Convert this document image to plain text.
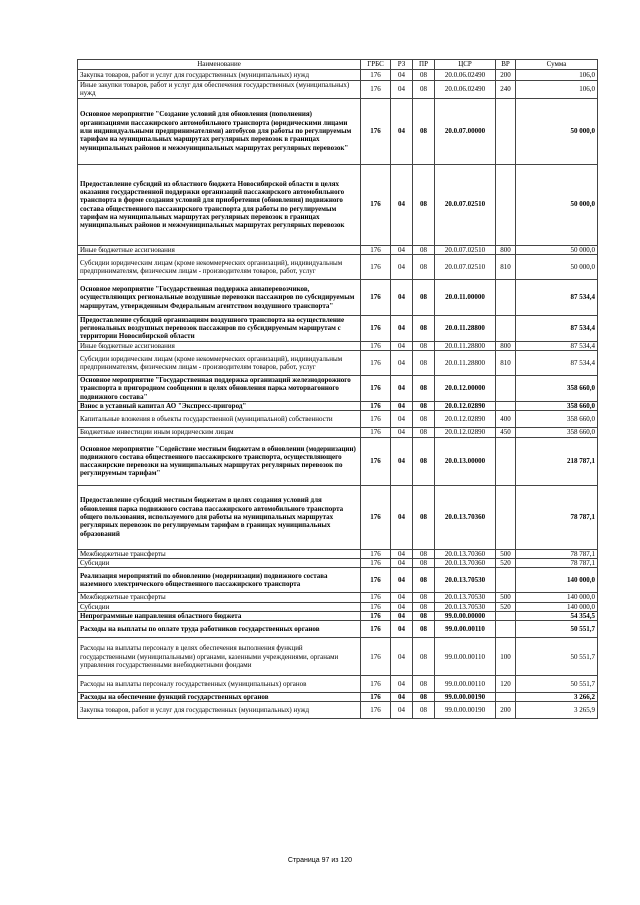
Наименование	ГРБС	РЗ	ПР	ЦСР	ВР	Сумма
Закупка товаров, работ и услуг для государственных (муниципальных) нужд	176	04	08	20.0.06.02490	200	106,0
Иные закупки товаров, работ и услуг для обеспечения государственных (муниципальных) нужд	176	04	08	20.0.06.02490	240	106,0
Основное мероприятие "Создание условий для обновления (пополнения) организациями пассажирского автомобильного транспорта (юридическими лицами или индивидуальными предпринимателями) автобусов для работы по регулируемым тарифам на муниципальных маршрутах регулярных перевозок в границах муниципальных районов и межмуниципальных маршрутах регулярных перевозок"	176	04	08	20.0.07.00000		50 000,0
Предоставление субсидий из областного бюджета Новосибирской области в целях оказания государственной поддержки организаций пассажирского автомобильного транспорта в форме создания условий для приобретения (обновления) подвижного состава общественного пассажирского транспорта для работы по регулируемым тарифам на муниципальных маршрутах регулярных перевозок в границах муниципальных районов и межмуниципальных маршрутах регулярных перевозок	176	04	08	20.0.07.02510		50 000,0
Иные бюджетные ассигнования	176	04	08	20.0.07.02510	800	50 000,0
Субсидии юридическим лицам (кроме некоммерческих организаций), индивидуальным предпринимателям, физическим лицам - производителям товаров, работ, услуг	176	04	08	20.0.07.02510	810	50 000,0
Основное мероприятие "Государственная поддержка авиаперевозчиков, осуществляющих региональные воздушные перевозки пассажиров по субсидируемым маршрутам, утвержденным Федеральным агентством воздушного транспорта"	176	04	08	20.0.11.00000		87 534,4
Предоставление субсидий организациям воздушного транспорта на осуществление региональных воздушных перевозок пассажиров по субсидируемым маршрутам с территории Новосибирской области	176	04	08	20.0.11.28800		87 534,4
Иные бюджетные ассигнования	176	04	08	20.0.11.28800	800	87 534,4
Субсидии юридическим лицам (кроме некоммерческих организаций), индивидуальным предпринимателям, физическим лицам - производителям товаров, работ, услуг	176	04	08	20.0.11.28800	810	87 534,4
Основное мероприятие "Государственная поддержка организаций железнодорожного транспорта в пригородном сообщении в целях обновления парка моторвагонного подвижного состава"	176	04	08	20.0.12.00000		358 660,0
Взнос в уставный капитал АО "Экспресс-пригород"	176	04	08	20.0.12.02890		358 660,0
Капитальные вложения в объекты государственной (муниципальной) собственности	176	04	08	20.0.12.02890	400	358 660,0
Бюджетные инвестиции иным юридическим лицам	176	04	08	20.0.12.02890	450	358 660,0
Основное мероприятие "Содействие местным бюджетам в обновлении (модернизации) подвижного состава общественного пассажирского транспорта, осуществляющего пассажирские перевозки на муниципальных маршрутах регулярных перевозок по регулируемым тарифам"	176	04	08	20.0.13.00000		218 787,1
Предоставление субсидий местным бюджетам в целях создания условий для обновления парка подвижного состава пассажирского автомобильного транспорта общего пользования, используемого для работы на муниципальных маршрутах регулярных перевозок по регулируемым тарифам в границах муниципальных образований	176	04	08	20.0.13.70360		78 787,1
Межбюджетные трансферты	176	04	08	20.0.13.70360	500	78 787,1
Субсидии	176	04	08	20.0.13.70360	520	78 787,1
Реализация мероприятий по обновлению (модернизации) подвижного состава наземного электрического общественного пассажирского транспорта	176	04	08	20.0.13.70530		140 000,0
Межбюджетные трансферты	176	04	08	20.0.13.70530	500	140 000,0
Субсидии	176	04	08	20.0.13.70530	520	140 000,0
Непрограммные направления областного бюджета	176	04	08	99.0.00.00000		54 354,5
Расходы на выплаты по оплате труда работников государственных органов	176	04	08	99.0.00.00110		50 551,7
Расходы на выплаты персоналу в целях обеспечения выполнения функций государственными (муниципальными) органами, казенными учреждениями, органами управления государственными внебюджетными фондами	176	04	08	99.0.00.00110	100	50 551,7
Расходы на выплаты персоналу государственных (муниципальных) органов	176	04	08	99.0.00.00110	120	50 551,7
Расходы на обеспечение функций государственных органов	176	04	08	99.0.00.00190		3 266,2
Закупка товаров, работ и услуг для государственных (муниципальных) нужд	176	04	08	99.0.00.00190	200	3 265,9
Страница 97 из 120
